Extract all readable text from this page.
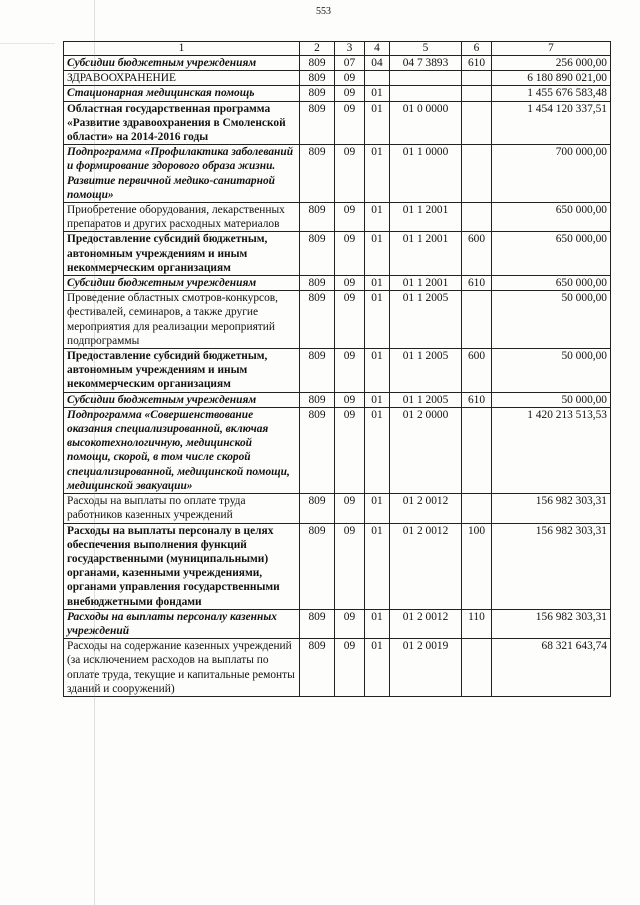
553
1	2	3	4	5	6	7
Субсидии бюджетным учреждениям	809	07	04	04 7 3893	610	256 000,00
ЗДРАВООХРАНЕНИЕ	809	09				6 180 890 021,00
Стационарная медицинская помощь	809	09	01			1 455 676 583,48
Областная государственная программа «Развитие здравоохранения в Смоленской области» на 2014-2016 годы	809	09	01	01 0 0000		1 454 120 337,51
Подпрограмма «Профилактика заболеваний и формирование здорового образа жизни. Развитие первичной медико-санитарной помощи»	809	09	01	01 1 0000		700 000,00
Приобретение оборудования, лекарственных препаратов и других расходных материалов	809	09	01	01 1 2001		650 000,00
Предоставление субсидий бюджетным, автономным учреждениям и иным некоммерческим организациям	809	09	01	01 1 2001	600	650 000,00
Субсидии бюджетным учреждениям	809	09	01	01 1 2001	610	650 000,00
Проведение областных смотров-конкурсов, фестивалей, семинаров, а также другие мероприятия для реализации мероприятий подпрограммы	809	09	01	01 1 2005		50 000,00
Предоставление субсидий бюджетным, автономным учреждениям и иным некоммерческим организациям	809	09	01	01 1 2005	600	50 000,00
Субсидии бюджетным учреждениям	809	09	01	01 1 2005	610	50 000,00
Подпрограмма «Совершенствование оказания специализированной, включая высокотехнологичную, медицинской помощи, скорой, в том числе скорой специализированной, медицинской помощи, медицинской эвакуации»	809	09	01	01 2 0000		1 420 213 513,53
Расходы на выплаты по оплате труда работников казенных учреждений	809	09	01	01 2 0012		156 982 303,31
Расходы на выплаты персоналу в целях обеспечения выполнения функций государственными (муниципальными) органами, казенными учреждениями, органами управления государственными внебюджетными фондами	809	09	01	01 2 0012	100	156 982 303,31
Расходы на выплаты персоналу казенных учреждений	809	09	01	01 2 0012	110	156 982 303,31
Расходы на содержание казенных учреждений (за исключением расходов на выплаты по оплате труда, текущие и капитальные ремонты зданий и сооружений)	809	09	01	01 2 0019		68 321 643,74
